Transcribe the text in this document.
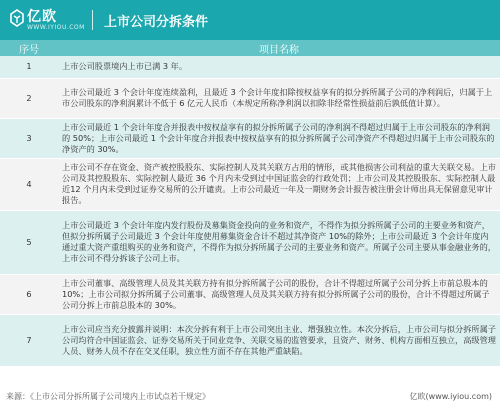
亿欧
WWW.IYIOU.COM 上市公司分拆条件
序号	项目名称
1	上市公司股票境内上市已满 3 年。
2	上市公司最近 3 个会计年度连续盈利，且最近 3 个会计年度扣除按权益享有的拟分拆所属子公司的净利润后，归属于上市公司股东的净利润累计不低于 6 亿元人民币（本规定所称净利润以扣除非经常性损益前后孰低值计算）。
3	上市公司最近 1 个会计年度合并报表中按权益享有的拟分拆所属子公司的净利润不得超过归属于上市公司股东的净利润的 50%；上市公司最近 1 个会计年度合并报表中按权益享有的拟分拆所属子公司净资产不得超过归属于上市公司股东的净资产的 30%。
4	上市公司不存在资金、资产被控股股东、实际控制人及其关联方占用的情形，或其他损害公司利益的重大关联交易。上市公司及其控股股东、实际控制人最近 36 个月内未受到过中国证监会的行政处罚；上市公司及其控股股东、实际控制人最近12 个月内未受到过证券交易所的公开谴责。上市公司最近一年及一期财务会计报告被注册会计师出具无保留意见审计报告。
5	上市公司最近 3 个会计年度内发行股份及募集资金投向的业务和资产，不得作为拟分拆所属子公司的主要业务和资产，但拟分拆所属子公司最近 3 个会计年度使用募集资金合计不超过其净资产 10%的除外；上市公司最近 3 个会计年度内通过重大资产重组购买的业务和资产，不得作为拟分拆所属子公司的主要业务和资产。所属子公司主要从事金融业务的，上市公司不得分拆该子公司上市。
6	上市公司董事、高级管理人员及其关联方持有拟分拆所属子公司的股份，合计不得超过所属子公司分拆上市前总股本的 10%；上市公司拟分拆所属子公司董事、高级管理人员及其关联方持有拟分拆所属子公司的股份，合计不得超过所属子公司分拆上市前总股本的 30%。
7	上市公司应当充分披露并说明：本次分拆有利于上市公司突出主业、增强独立性。本次分拆后，上市公司与拟分拆所属子公司均符合中国证监会、证券交易所关于同业竞争、关联交易的监管要求，且资产、财务、机构方面相互独立，高级管理人员、财务人员不存在交叉任职，独立性方面不存在其他严重缺陷。
来源：《上市公司分拆所属子公司境内上市试点若干规定》	亿欧(www.iyiou.com)
